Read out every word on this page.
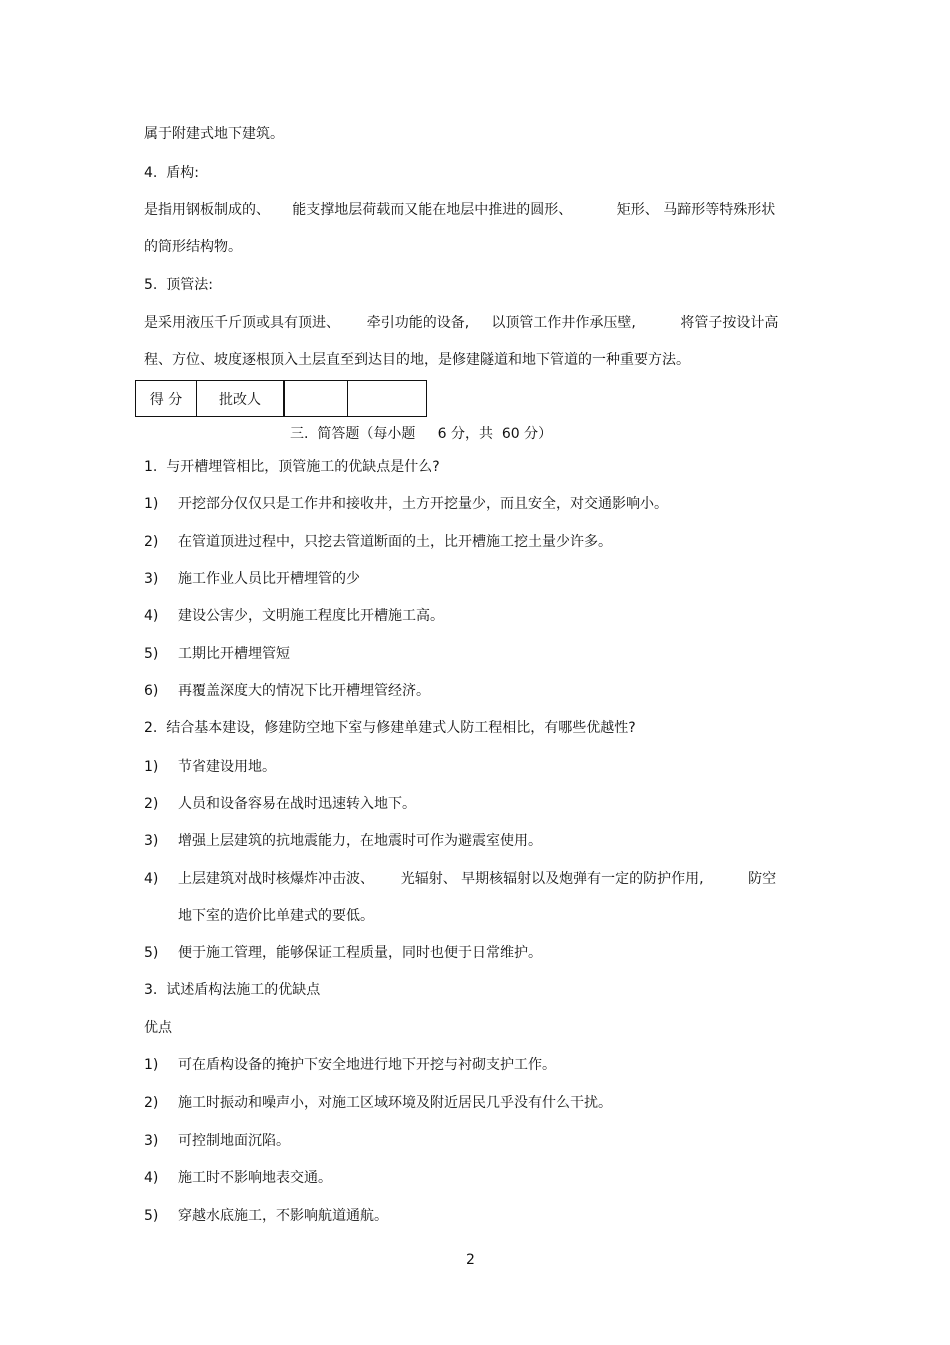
属于附建式地下建筑。
4.  盾构:
是指用钢板制成的、     能支撑地层荷载而又能在地层中推进的圆形、          矩形、 马蹄形等特殊形状
的筒形结构物。
5.  顶管法:
是采用液压千斤顶或具有顶进、      牵引功能的设备,     以顶管工作井作承压壁,          将管子按设计高
程、方位、坡度逐根顶入土层直至到达目的地，是修建隧道和地下管道的一种重要方法。
得 分	批改人

三.  简答题（每小题     6 分，共  60 分）
1.  与开槽埋管相比，顶管施工的优缺点是什么?
1) 开挖部分仅仅只是工作井和接收井，土方开挖量少，而且安全，对交通影响小。
2) 在管道顶进过程中，只挖去管道断面的土，比开槽施工挖土量少许多。
3) 施工作业人员比开槽埋管的少
4) 建设公害少，文明施工程度比开槽施工高。
5) 工期比开槽埋管短
6) 再覆盖深度大的情况下比开槽埋管经济。
2.  结合基本建设，修建防空地下室与修建单建式人防工程相比，有哪些优越性?
1) 节省建设用地。
2) 人员和设备容易在战时迅速转入地下。
3) 增强上层建筑的抗地震能力，在地震时可作为避震室使用。
4) 上层建筑对战时核爆炸冲击波、      光辐射、 早期核辐射以及炮弹有一定的防护作用,          防空
地下室的造价比单建式的要低。
5) 便于施工管理，能够保证工程质量，同时也便于日常维护。
3.  试述盾构法施工的优缺点
优点
1) 可在盾构设备的掩护下安全地进行地下开挖与衬砌支护工作。
2) 施工时振动和噪声小，对施工区域环境及附近居民几乎没有什么干扰。
3) 可控制地面沉陷。
4) 施工时不影响地表交通。
5) 穿越水底施工，不影响航道通航。
2
